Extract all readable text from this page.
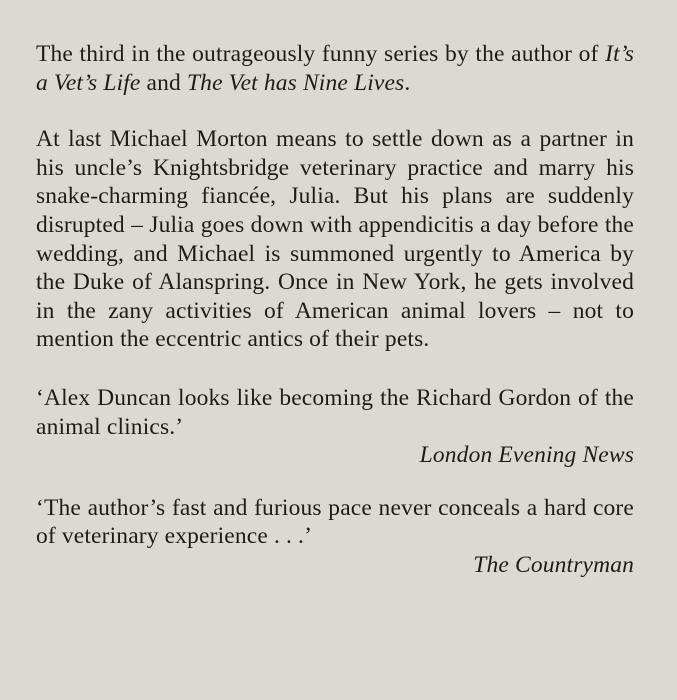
The third in the outrageously funny series by the author of It’s a Vet’s Life and The Vet has Nine Lives.

At last Michael Morton means to settle down as a partner in his uncle’s Knightsbridge veterinary practice and marry his snake-charming fiancée, Julia. But his plans are suddenly disrupted – Julia goes down with appendicitis a day before the wedding, and Michael is summoned urgently to America by the Duke of Alanspring. Once in New York, he gets involved in the zany activities of American animal lovers – not to mention the eccentric antics of their pets.

‘Alex Duncan looks like becoming the Richard Gordon of the animal clinics.’

London Evening News

‘The author’s fast and furious pace never conceals a hard core of veterinary experience . . .’

The Countryman
